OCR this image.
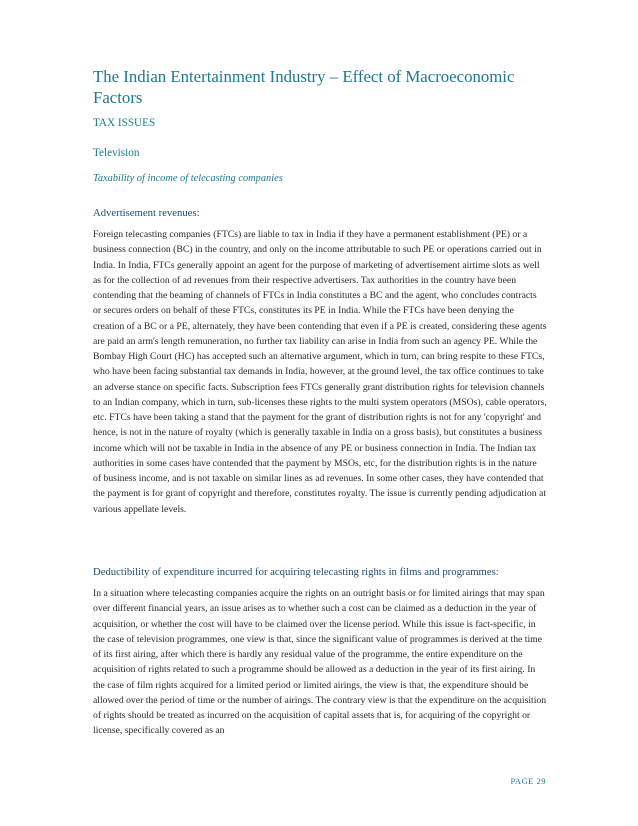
The Indian Entertainment Industry – Effect of Macroeconomic Factors
TAX ISSUES
Television
Taxability of income of telecasting companies
Advertisement revenues:

Foreign telecasting companies (FTCs) are liable to tax in India if they have a permanent establishment (PE) or a business connection (BC) in the country, and only on the income attributable to such PE or operations carried out in India. In India, FTCs generally appoint an agent for the purpose of marketing of advertisement airtime slots as well as for the collection of ad revenues from their respective advertisers. Tax authorities in the country have been contending that the beaming of channels of FTCs in India constitutes a BC and the agent, who concludes contracts or secures orders on behalf of these FTCs, constitutes its PE in India. While the FTCs have been denying the creation of a BC or a PE, alternately, they have been contending that even if a PE is created, considering these agents are paid an arm's length remuneration, no further tax liability can arise in India from such an agency PE. While the Bombay High Court (HC) has accepted such an alternative argument, which in turn, can bring respite to these FTCs, who have been facing substantial tax demands in India, however, at the ground level, the tax office continues to take an adverse stance on specific facts. Subscription fees FTCs generally grant distribution rights for television channels to an Indian company, which in turn, sub-licenses these rights to the multi system operators (MSOs), cable operators, etc. FTCs have been taking a stand that the payment for the grant of distribution rights is not for any 'copyright' and hence, is not in the nature of royalty (which is generally taxable in India on a gross basis), but constitutes a business income which will not be taxable in India in the absence of any PE or business connection in India. The Indian tax authorities in some cases have contended that the payment by MSOs, etc, for the distribution rights is in the nature of business income, and is not taxable on similar lines as ad revenues. In some other cases, they have contended that the payment is for grant of copyright and therefore, constitutes royalty. The issue is currently pending adjudication at various appellate levels.

Deductibility of expenditure incurred for acquiring telecasting rights in films and programmes:

In a situation where telecasting companies acquire the rights on an outright basis or for limited airings that may span over different financial years, an issue arises as to whether such a cost can be claimed as a deduction in the year of acquisition, or whether the cost will have to be claimed over the license period. While this issue is fact-specific, in the case of television programmes, one view is that, since the significant value of programmes is derived at the time of its first airing, after which there is hardly any residual value of the programme, the entire expenditure on the acquisition of rights related to such a programme should be allowed as a deduction in the year of its first airing. In the case of film rights acquired for a limited period or limited airings, the view is that, the expenditure should be allowed over the period of time or the number of airings. The contrary view is that the expenditure on the acquisition of rights should be treated as incurred on the acquisition of capital assets that is, for acquiring of the copyright or license, specifically covered as an

PAGE 29
